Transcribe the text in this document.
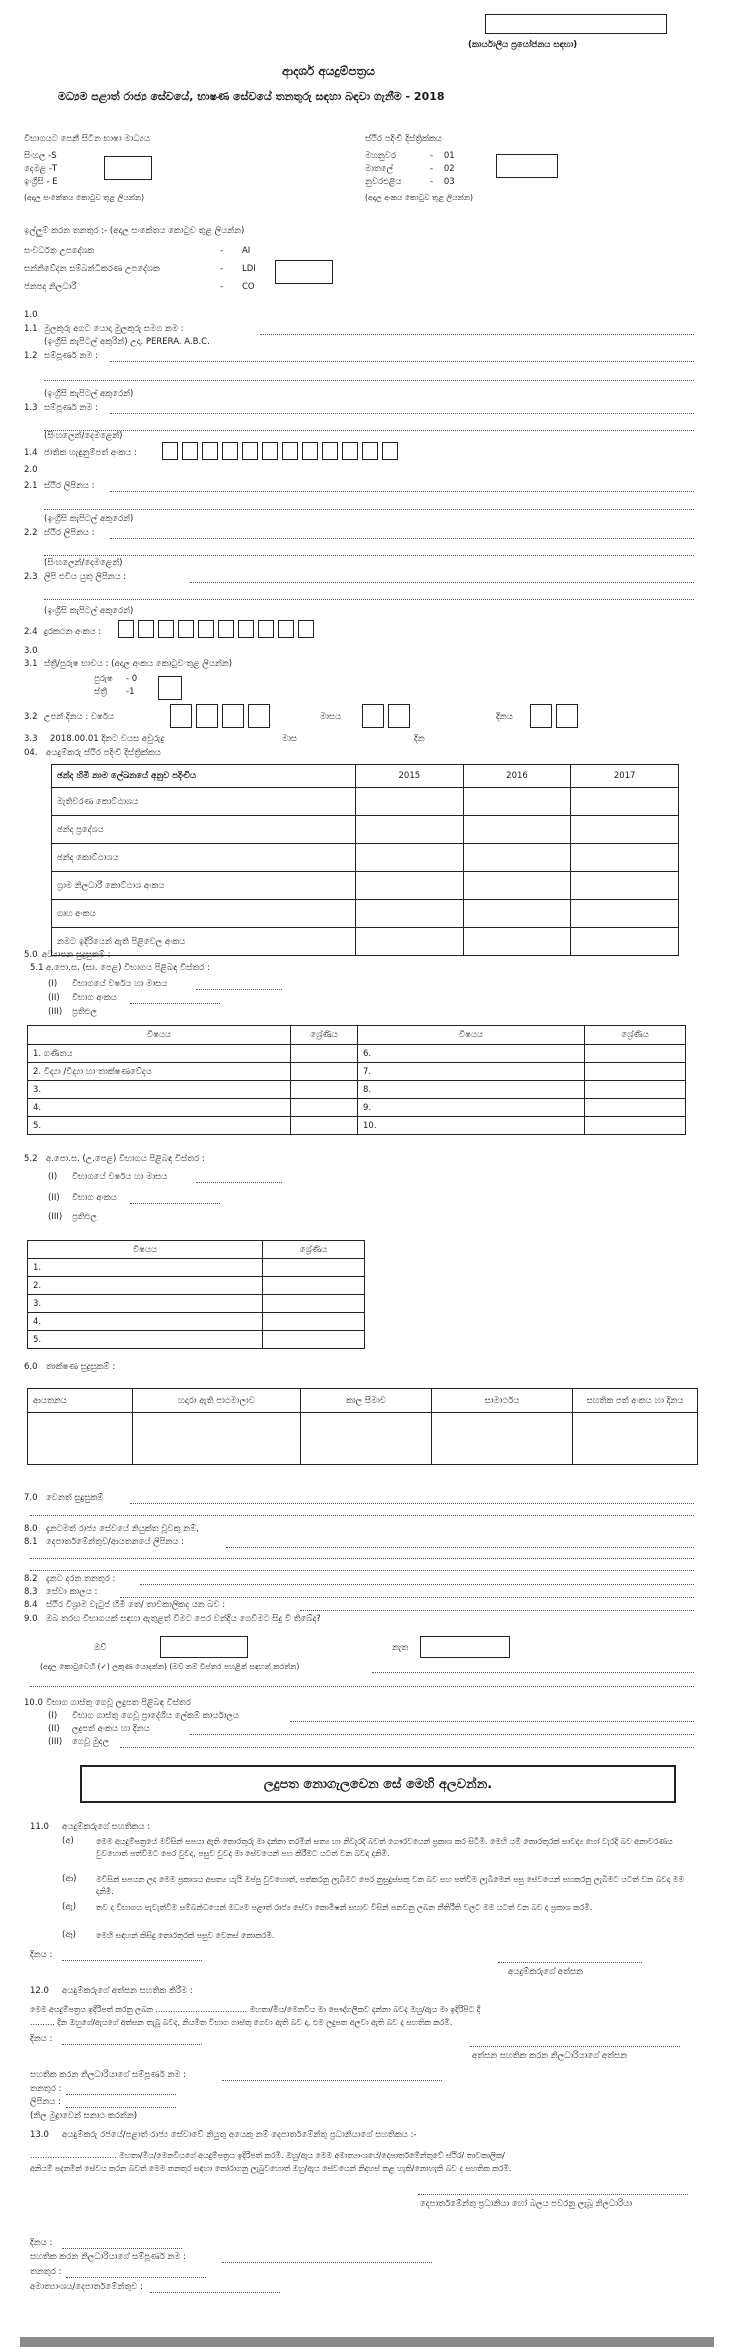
(කාර්යාලීය ප්‍රයෝජනය සඳහා)
ආදර්ශ අයදුම්පත්‍රය
මධ්‍යම පළාත් රාජ්‍ය සේවයේ, භාෂණ සේවයේ තනතුරු සඳහා බඳවා ගැනීම - 2018
විභාගයට පෙනී සිටින භාෂා මාධ්‍යය
සිංහල -S
දෙමළ -T
ඉංග්‍රීසි - E
(අදාල සංකේතය කොටුව තුළ ලියන්න)
ස්ථිර පදිංචි දිස්ත්‍රික්කය
මහනුවර	-    01
මාතලේ	-    02
නුවරඑළිය	-    03
(අදාල අංකය කොටුව තුළ ලියන්න)
ඉල්ලුම් කරන තනතුර :- (අදාල සංකේතය කොටුව තුළ ලියන්න)
සංවර්ධන උපදේශක	-       AI
සන්නිවේදන සම්බන්ධීකරණ උපදේශක	-       LDI
ජනපද නිලධාරී	-       CO
1.0
1.1 මුලකුරු අගට යොදා මුලකුරු සමග නම :
(ඉංග්‍රීසි කැපිටල් අකුරින්) උදා. PERERA. A.B.C.
1.2 සම්පූර්ණ නම :
(ඉංග්‍රීසි කැපිටල් අකුරෙන්)
1.3 සම්පූර්ණ නම :
(සිංහලෙන්/දෙමළෙන්)
1.4 ජාතික හැඳුනුම්පත් අංකය :
2.0
2.1 ස්ථිර ලිපිනය :
(ඉංග්‍රීසි කැපිටල් අකුරෙන්)
2.2 ස්ථිර ලිපිනය :
(සිංහලෙන්/දෙමළෙන්)
2.3 ලිපි එවිය යුතු ලිපිනය :
(ඉංග්‍රීසි කැපිටල් අකුරෙන්)
2.4 දුරකථන අංකය :
3.0
3.1 ස්ත්‍රී/පුරුෂ භාවය : (අදාල අංකය කොටුව තුළ ලියන්න)
පුරුෂ - 0
ස්ත්‍රී -1
3.2 උපන් දිනය : වර්ෂය	මාසය	දිනය
3.3 2018.00.01 දිනට වයස අවුරුදු	මාස	දින
04. අයදුම්කරු ස්ථිර පදිංචි දිස්ත්‍රික්කය
ඡන්ද හිමි නාම ලේඛනයේ අනුව පදිංචිය	2015	2016	2017
මැතිවරණ කොට්ඨාශය			
ඡන්ද ප්‍රදේශය			
ඡන්ද කොට්ඨාශය			
ග්‍රාම නිලධාරී කොට්ඨාශ අංකය			
ගෘහ අංකය			
නමට ඉදිරියෙන් ඇති පිළිවෙල අංකය			
5.0 අධ්‍යාපන සුදුසුකම් :
5.1 අ.පො.ස. (සා. පෙළ) විභාගය පිළිබඳ විස්තර :
(I) විභාගයේ වර්ෂය හා මාසය
(II) විභාග අංකය
(III) ප්‍රතිඵල
විෂයය	ශ්‍රේණිය	විෂයය	ශ්‍රේණිය
1. ගණිතය		6.	
2. විද්‍යා /විද්‍යා හා තාක්ෂණවේදය		7.	
3.		8.	
4.		9.	
5.		10.	
5.2 අ.පො.ස. (උ.පෙළ) විභාගය පිළිබඳ විස්තර :
(I) විභාගයේ වර්ෂය හා මාසය
(II) විභාග අංකය
(III) ප්‍රතිඵල
විෂයය	ශ්‍රේණිය
1.	
2.	
3.	
4.	
5.	
6.0 තාක්ෂණ සුදුසුකම් :
ආයතනය	හදාරා ඇති පාඨමාලාව	කාල සීමාව	සාමාර්ථය	සහතික පත් අංකය හා දිනය

7.0 වෙනත් සුදුසුකම්
8.0 දැනටමත් රාජ්‍ය සේවයේ නියුක්ත වූවකු නම්,
8.1 දෙපාර්තමේන්තුව/ආයතනයේ ලිපිනය :
8.2 දැනට දරන තනතුර :
8.3 සේවා කාලය :
8.4 ස්ථිර විශ්‍රාම වැටුප් හිමි තෙ/ තාවකාලිකද යන බව :
9.0 ඔබ තරඟ විභාගයක් සඳහා ඇතුළත් වීමට පෙර වන්දිය ගෙවීමට සිදු වී තිබේද?
ඔව්	නැත
(අදාල කොටුවෙහි (✓) ලකුණ යොදන්න) (ඔව් නම් විස්තර පහළින් සඳහන් කරන්න)
10.0 විභාග ගාස්තු ගෙවූ ලදුපත පිළිබඳ විස්තර
(I) විභාග ගාස්තු ගෙවූ ප්‍රාදේශීය ලේකම් කාර්යාලය
(II) ලදුපත් අංකය හා දිනය
(III) ගෙවූ මුදල
ලදුපත නොගැලවෙන සේ මෙහි අලවන්න.
11.0 අයදුම්කරුගේ සහතිකය :
(අ)	මෙම අයදුම්පත්‍රයේ මවිසින් සපයා ඇති තොරතුරු මා දන්නා තරමින් සත්‍ය හා නිවැරදි බවත් ගෞරවයෙන් ප්‍රකාශ කර සිටිමි. මෙහි යම් තොරතුරක් සාවද්‍ය හෝ වැරදි බව අනාවරණය වුවහොත් පත්වීමට පෙර වුවද, පසුව වුවද මා සේවයෙන් පහ කිරීමට යටත් වන බවද දනිමි.
(ආ)	මවිසින් සපයන ලද මෙම ප්‍රකාශය අසත්‍ය යැයි ඔප්පු වුවහොත්, පත්කරනු ලැබීමට පෙර නුසුදුස්සකු වන බව සහ පත්වීම ලැබීමෙන් පසු සේවයෙන් පහකරනු ලැබීමට යටත් වන බවද මම දනිමි.
(ඇ)	තව ද විභාගය පැවැත්වීම සම්බන්ධයෙන් මධ්‍යම පළාත් රාජ්‍ය සේවා කොමිෂන් සභාව විසින් පනවනු ලබන නීතිරීති වලට මම යටත් වන බව ද ප්‍රකාශ කරමි.
(ඈ)	මෙහි සඳහන් කිසිදු තොරතුරක් පසුව වෙනස් නොකරමි.
දිනය :
අයදුම්කරුගේ අත්සන
12.0 අයදුම්කරුගේ අත්සන සහතික කිරීම :
මෙම අයදුම්පත්‍රය ඉදිරිපත් කරනු ලබන ..................................... මහතා/මිය/මෙනවිය මා පෞද්ගලිකව දන්නා බවද ඔහු/ඇය මා ඉදිරිපිට දී
.......... දින ඔහුගේ/ඇයගේ අත්සන තැබූ බවද, නියමිත විභාග ගාස්තු ගෙවා ඇති බව ද, එම ලදුපත අලවා ඇති බව ද සහතික කරමි.
දිනය :
අත්සන සහතික කරන නිලධාරියාගේ අත්සන
සහතික කරන නිලධාරියාගේ සම්පූර්ණ නම :
තනතුර :
ලිපිනය :
(නිල මුද්‍රාවෙන් සනාථ කරන්න)
13.0 අයදුම්කරු රජයේ/පළාත් රාජ්‍ය සේවාවේ නියුතු අයෙකු නම් දෙපාර්තමේන්තු ප්‍රධානියාගේ සහතිකය :-
................................... මහතා/මිය/මෙනවියගේ අයදුම්පත්‍රය ඉදිරිපත් කරමි. ඔහු/ඇය මෙම අමාත්‍යාංශයේ/දෙපාර්තමේන්තුවේ ස්ථිර/ තාවකාලික/
අනියම් පදනමින් සේවය කරන බවත් මෙම තනතුර සඳහා තෝරාගනු ලැබුවහොත් ඔහු/ඇය සේවයෙන් නිදහස් කළ හැකි/නොහැකි බව ද සහතික කරමි.
දෙපාර්තමේන්තු ප්‍රධානියා හෝ බලය පවරනු ලැබූ නිලධාරියා
දිනය :
සහතික කරන නිලධාරියාගේ සම්පූර්ණ නම :
තනතුර :
අමාත්‍යාංශය/දෙපාර්තමේන්තුව :
